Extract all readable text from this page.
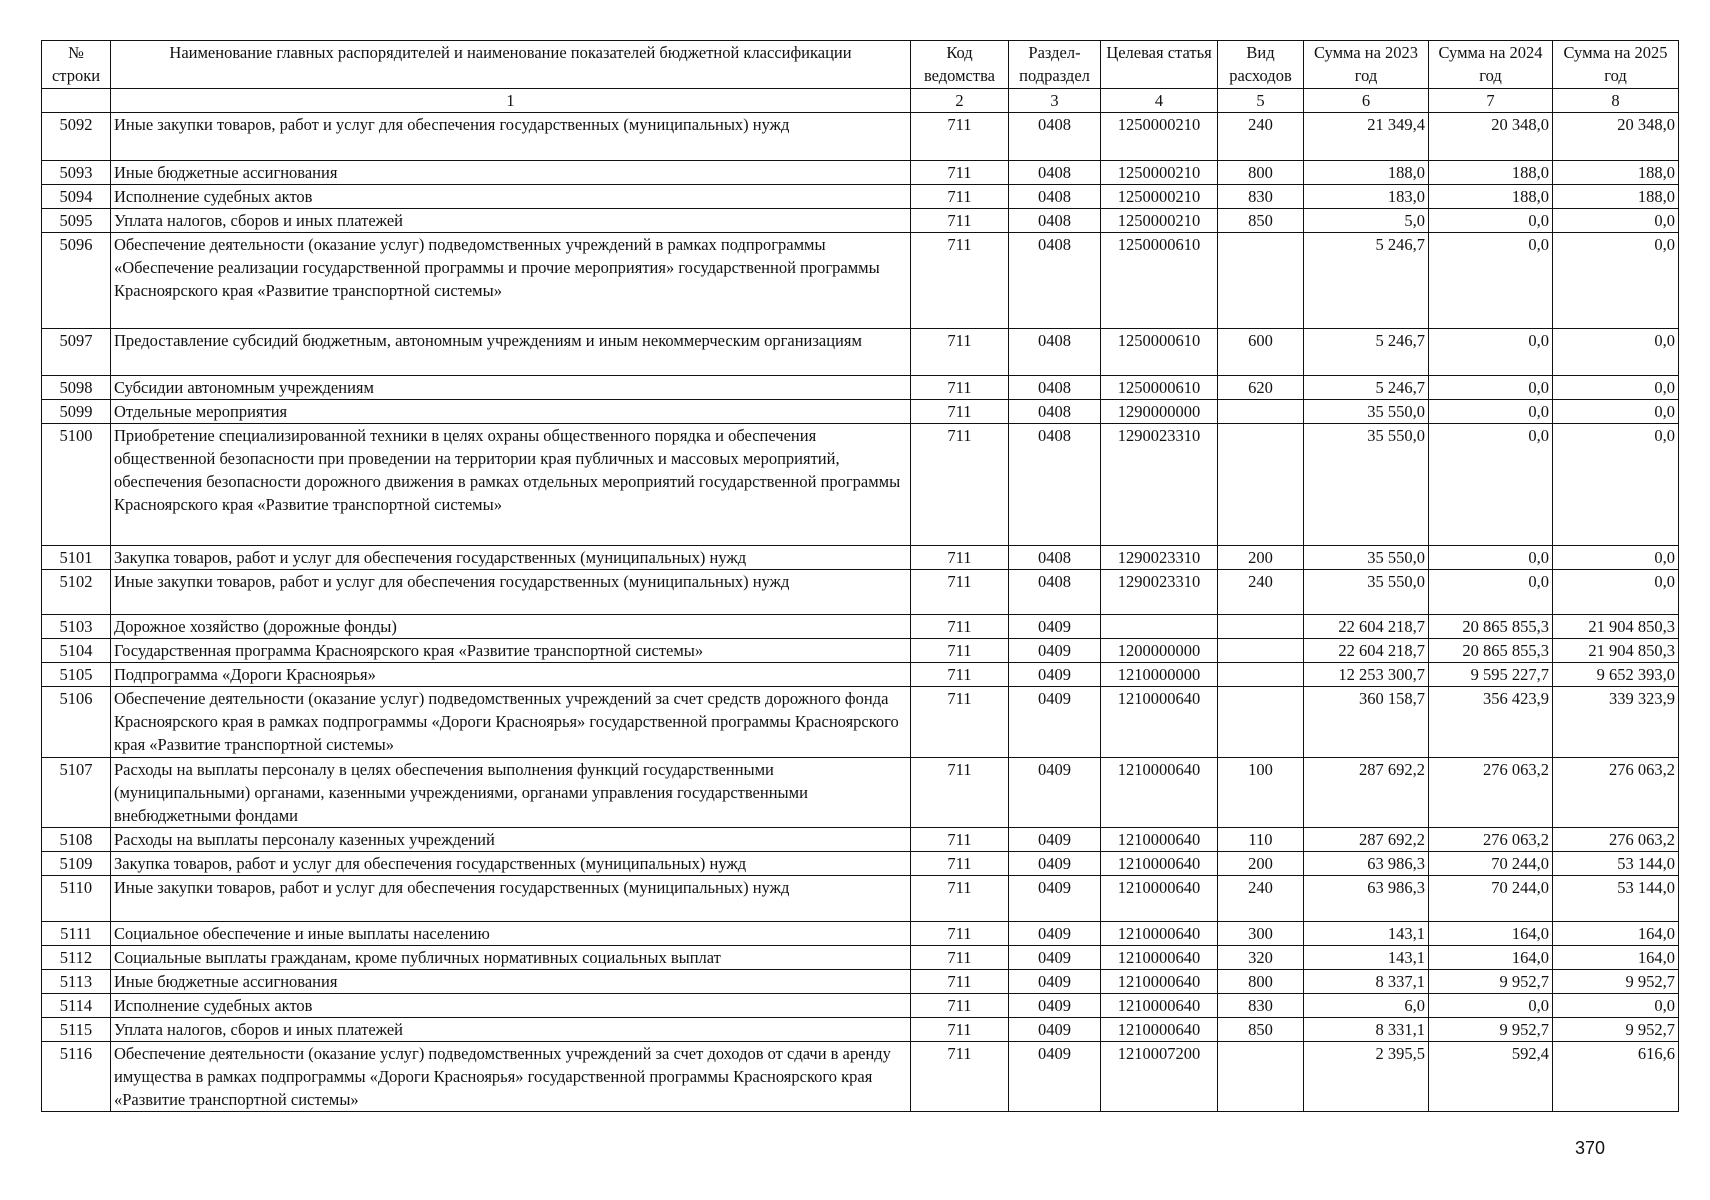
№ строки	Наименование главных распорядителей и наименование показателей бюджетной классификации	Код ведомства	Раздел-подраздел	Целевая статья	Вид расходов	Сумма на 2023 год	Сумма на 2024 год	Сумма на 2025 год
	1	2	3	4	5	6	7	8
5092	Иные закупки товаров, работ и услуг для обеспечения государственных (муниципальных) нужд	711	0408	1250000210	240	21 349,4	20 348,0	20 348,0
5093	Иные бюджетные ассигнования	711	0408	1250000210	800	188,0	188,0	188,0
5094	Исполнение судебных актов	711	0408	1250000210	830	183,0	188,0	188,0
5095	Уплата налогов, сборов и иных платежей	711	0408	1250000210	850	5,0	0,0	0,0
5096	Обеспечение деятельности (оказание услуг) подведомственных учреждений в рамках подпрограммы «Обеспечение реализации государственной программы и прочие мероприятия» государственной программы Красноярского края «Развитие транспортной системы»	711	0408	1250000610		5 246,7	0,0	0,0
5097	Предоставление субсидий бюджетным, автономным учреждениям и иным некоммерческим организациям	711	0408	1250000610	600	5 246,7	0,0	0,0
5098	Субсидии автономным учреждениям	711	0408	1250000610	620	5 246,7	0,0	0,0
5099	Отдельные мероприятия	711	0408	1290000000		35 550,0	0,0	0,0
5100	Приобретение специализированной техники в целях охраны общественного порядка и обеспечения общественной безопасности при проведении на территории края публичных и массовых мероприятий, обеспечения безопасности дорожного движения в рамках отдельных мероприятий государственной программы Красноярского края «Развитие транспортной системы»	711	0408	1290023310		35 550,0	0,0	0,0
5101	Закупка товаров, работ и услуг для обеспечения государственных (муниципальных) нужд	711	0408	1290023310	200	35 550,0	0,0	0,0
5102	Иные закупки товаров, работ и услуг для обеспечения государственных (муниципальных) нужд	711	0408	1290023310	240	35 550,0	0,0	0,0
5103	Дорожное хозяйство (дорожные фонды)	711	0409			22 604 218,7	20 865 855,3	21 904 850,3
5104	Государственная программа Красноярского края «Развитие транспортной системы»	711	0409	1200000000		22 604 218,7	20 865 855,3	21 904 850,3
5105	Подпрограмма «Дороги Красноярья»	711	0409	1210000000		12 253 300,7	9 595 227,7	9 652 393,0
5106	Обеспечение деятельности (оказание услуг) подведомственных учреждений за счет средств дорожного фонда Красноярского края в рамках подпрограммы «Дороги Красноярья» государственной программы Красноярского края «Развитие транспортной системы»	711	0409	1210000640		360 158,7	356 423,9	339 323,9
5107	Расходы на выплаты персоналу в целях обеспечения выполнения функций государственными (муниципальными) органами, казенными учреждениями, органами управления государственными внебюджетными фондами	711	0409	1210000640	100	287 692,2	276 063,2	276 063,2
5108	Расходы на выплаты персоналу казенных учреждений	711	0409	1210000640	110	287 692,2	276 063,2	276 063,2
5109	Закупка товаров, работ и услуг для обеспечения государственных (муниципальных) нужд	711	0409	1210000640	200	63 986,3	70 244,0	53 144,0
5110	Иные закупки товаров, работ и услуг для обеспечения государственных (муниципальных) нужд	711	0409	1210000640	240	63 986,3	70 244,0	53 144,0
5111	Социальное обеспечение и иные выплаты населению	711	0409	1210000640	300	143,1	164,0	164,0
5112	Социальные выплаты гражданам, кроме публичных нормативных социальных выплат	711	0409	1210000640	320	143,1	164,0	164,0
5113	Иные бюджетные ассигнования	711	0409	1210000640	800	8 337,1	9 952,7	9 952,7
5114	Исполнение судебных актов	711	0409	1210000640	830	6,0	0,0	0,0
5115	Уплата налогов, сборов и иных платежей	711	0409	1210000640	850	8 331,1	9 952,7	9 952,7
5116	Обеспечение деятельности (оказание услуг) подведомственных учреждений за счет доходов от сдачи в аренду имущества в рамках подпрограммы «Дороги Красноярья» государственной программы Красноярского края «Развитие транспортной системы»	711	0409	1210007200		2 395,5	592,4	616,6
370
